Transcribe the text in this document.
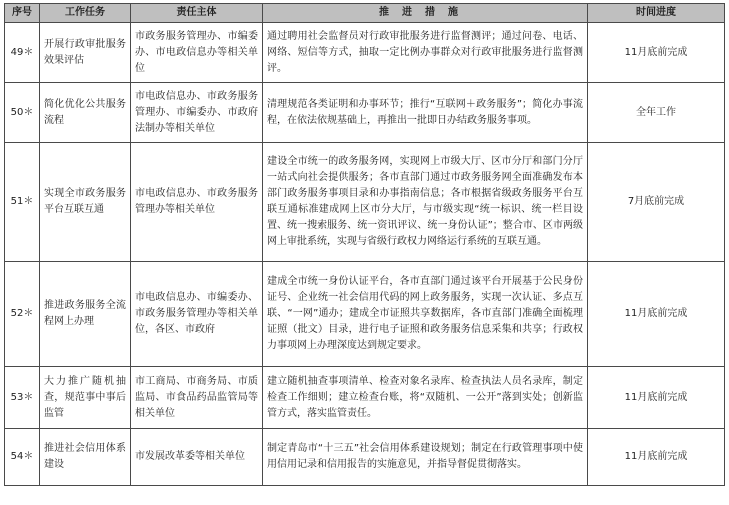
序号	工作任务	责任主体	推进措施	时间进度
49＊	开展行政审批服务效果评估	市政务服务管理办、市编委办、市电政信息办等相关单位	通过聘用社会监督员对行政审批服务进行监督测评；通过问卷、电话、网络、短信等方式，抽取一定比例办事群众对行政审批服务进行监督测评。	11月底前完成
50＊	简化优化公共服务流程	市电政信息办、市政务服务管理办、市编委办、市政府法制办等相关单位	清理规范各类证明和办事环节；推行“互联网＋政务服务”；简化办事流程，在依法依规基础上，再推出一批即日办结政务服务事项。	全年工作
51＊	实现全市政务服务平台互联互通	市电政信息办、市政务服务管理办等相关单位	建设全市统一的政务服务网，实现网上市级大厅、区市分厅和部门分厅一站式向社会提供服务；各市直部门通过市政务服务网全面准确发布本部门政务服务事项目录和办事指南信息；各市根据省级政务服务平台互联互通标准建成网上区市分大厅，与市级实现“统一标识、统一栏目设置、统一搜索服务、统一资讯评议、统一身份认证”；整合市、区市两级网上审批系统，实现与省级行政权力网络运行系统的互联互通。	7月底前完成
52＊	推进政务服务全流程网上办理	市电政信息办、市编委办、市政务服务管理办等相关单位，各区、市政府	建成全市统一身份认证平台，各市直部门通过该平台开展基于公民身份证号、企业统一社会信用代码的网上政务服务，实现一次认证、多点互联、“一网”通办；建成全市证照共享数据库，各市直部门准确全面梳理证照（批文）目录，进行电子证照和政务服务信息采集和共享；行政权力事项网上办理深度达到规定要求。	11月底前完成
53＊	大力推广随机抽查，规范事中事后监管	市工商局、市商务局、市质监局、市食品药品监管局等相关单位	建立随机抽查事项清单、检查对象名录库、检查执法人员名录库，制定检查工作细则；建立检查台账，将“双随机、一公开”落到实处；创新监管方式，落实监管责任。	11月底前完成
54＊	推进社会信用体系建设	市发展改革委等相关单位	制定青岛市“十三五”社会信用体系建设规划；制定在行政管理事项中使用信用记录和信用报告的实施意见，并指导督促贯彻落实。	11月底前完成
